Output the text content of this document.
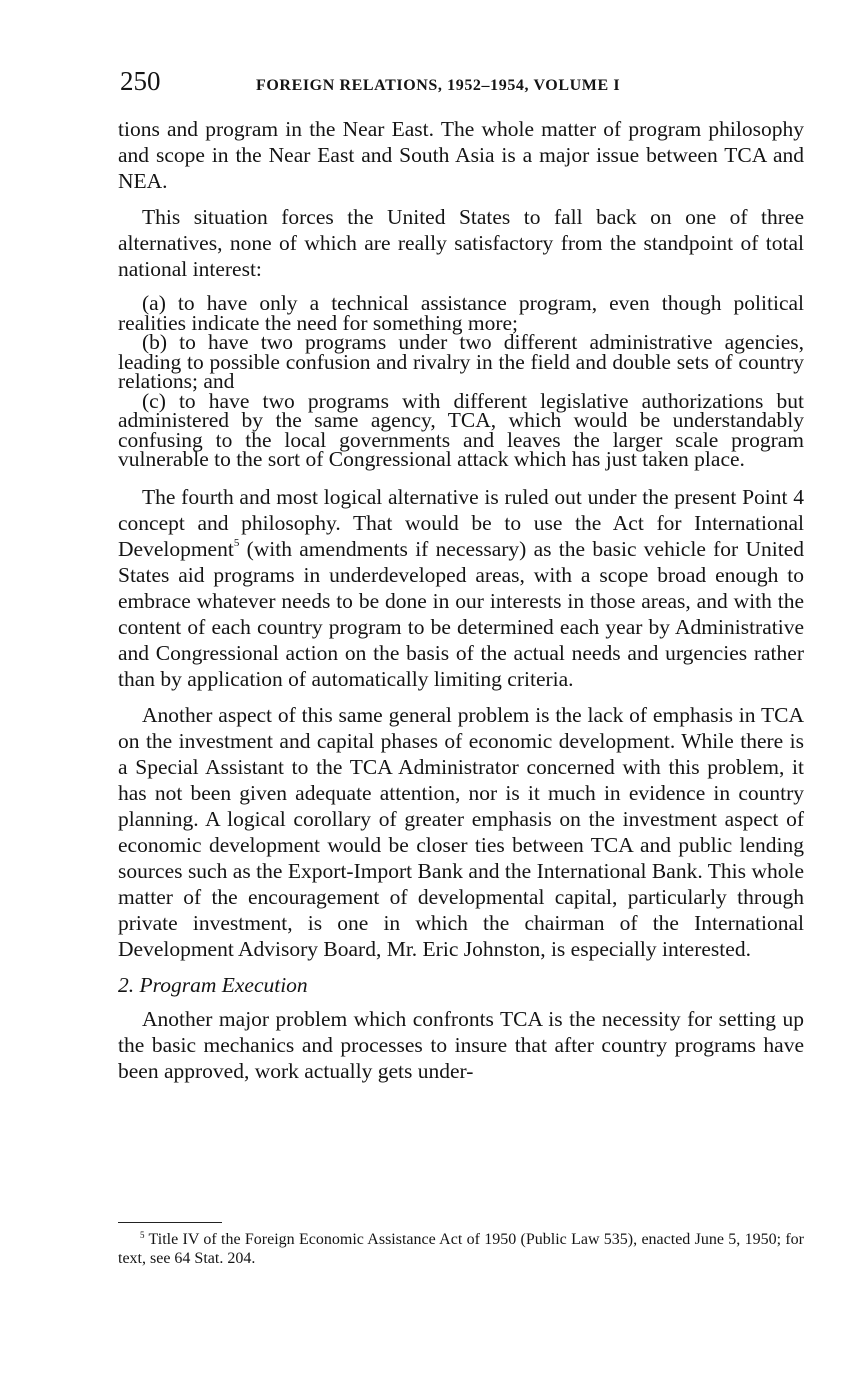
250	FOREIGN RELATIONS, 1952–1954, VOLUME I

tions and program in the Near East. The whole matter of program philosophy and scope in the Near East and South Asia is a major issue between TCA and NEA.

This situation forces the United States to fall back on one of three alternatives, none of which are really satisfactory from the standpoint of total national interest:

(a) to have only a technical assistance program, even though political realities indicate the need for something more;

(b) to have two programs under two different administrative agencies, leading to possible confusion and rivalry in the field and double sets of country relations; and

(c) to have two programs with different legislative authorizations but administered by the same agency, TCA, which would be understandably confusing to the local governments and leaves the larger scale program vulnerable to the sort of Congressional attack which has just taken place.

The fourth and most logical alternative is ruled out under the present Point 4 concept and philosophy. That would be to use the Act for International Development$^5$ (with amendments if necessary) as the basic vehicle for United States aid programs in underdeveloped areas, with a scope broad enough to embrace whatever needs to be done in our interests in those areas, and with the content of each country program to be determined each year by Administrative and Congressional action on the basis of the actual needs and urgencies rather than by application of automatically limiting criteria.

Another aspect of this same general problem is the lack of emphasis in TCA on the investment and capital phases of economic development. While there is a Special Assistant to the TCA Administrator concerned with this problem, it has not been given adequate attention, nor is it much in evidence in country planning. A logical corollary of greater emphasis on the investment aspect of economic development would be closer ties between TCA and public lending sources such as the Export-Import Bank and the International Bank. This whole matter of the encouragement of developmental capital, particularly through private investment, is one in which the chairman of the International Development Advisory Board, Mr. Eric Johnston, is especially interested.

2. Program Execution

Another major problem which confronts TCA is the necessity for setting up the basic mechanics and processes to insure that after country programs have been approved, work actually gets under-

$^5$ Title IV of the Foreign Economic Assistance Act of 1950 (Public Law 535), enacted June 5, 1950; for text, see 64 Stat. 204.
